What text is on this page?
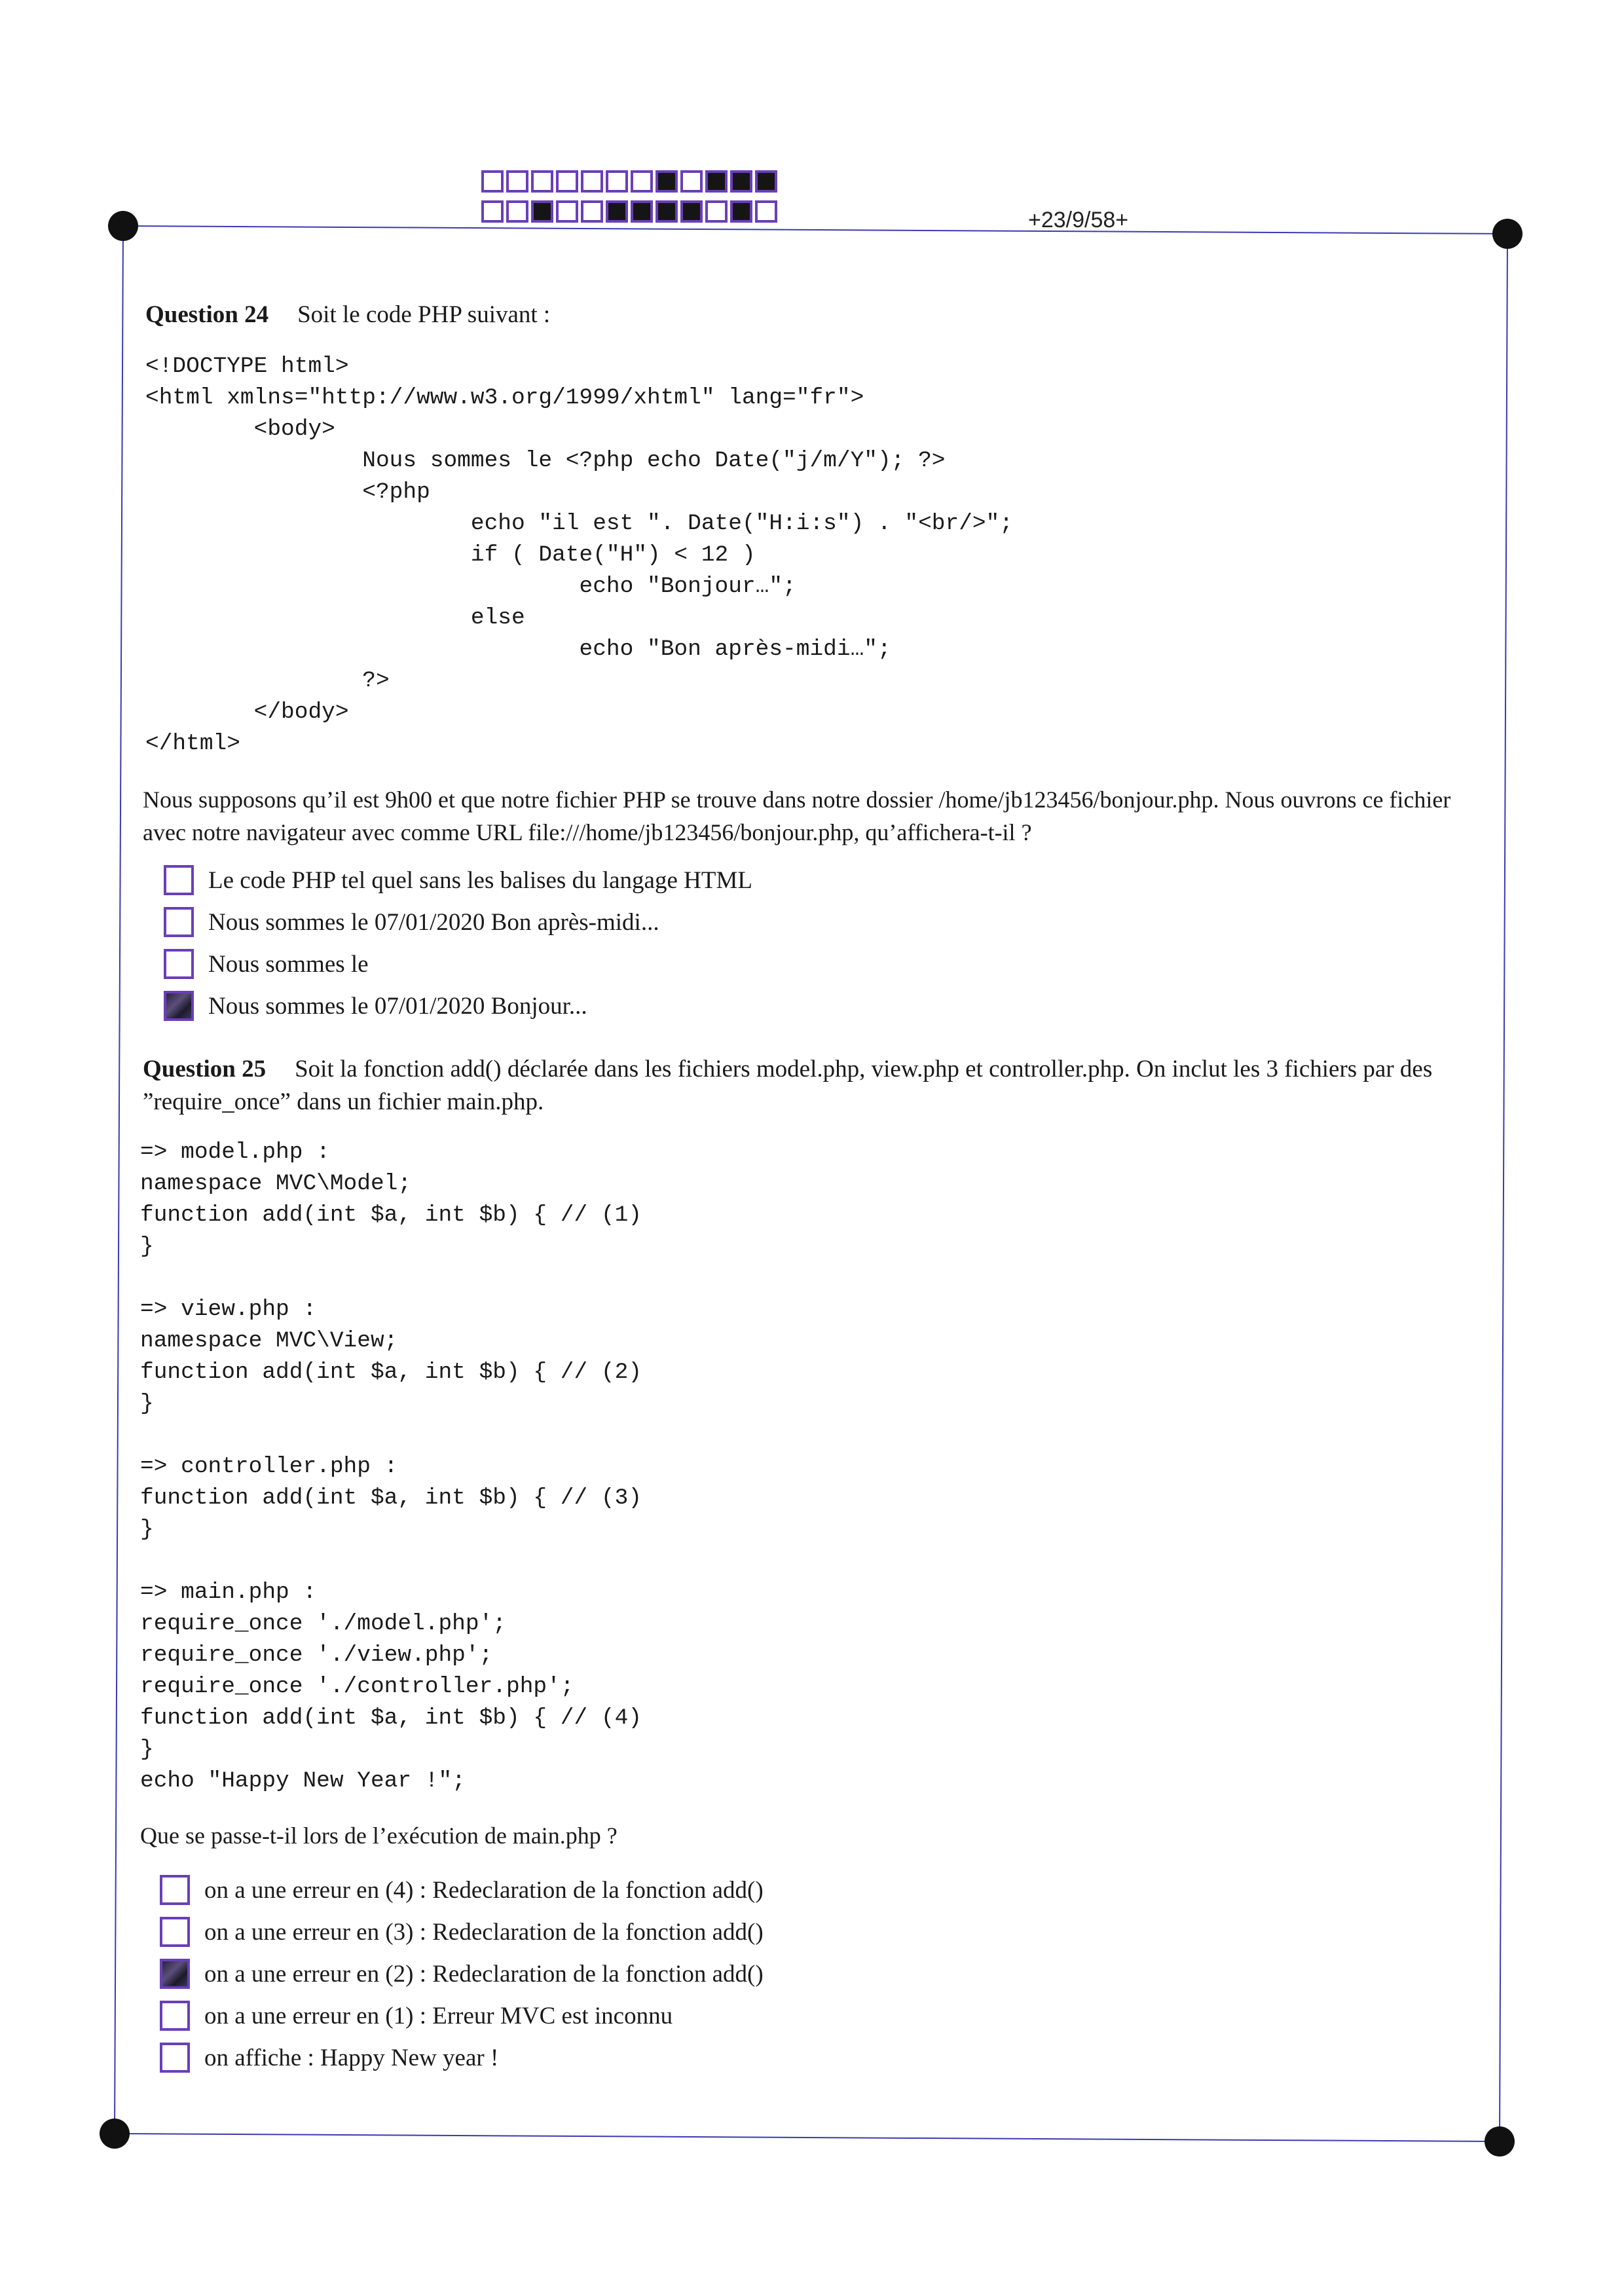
+23/9/58+
Question 24 Soit le code PHP suivant :
<!DOCTYPE html>
<html xmlns="http://www.w3.org/1999/xhtml" lang="fr">
<body>
Nous sommes le <?php echo Date("j/m/Y"); ?>
<?php
echo "il est ". Date("H:i:s") . "<br/>";
if ( Date("H") < 12 )
echo "Bonjour…";
else
echo "Bon après-midi…";
?>
</body>
</html>
Nous supposons qu’il est 9h00 et que notre fichier PHP se trouve dans notre dossier /home/jb123456/bonjour.php. Nous ouvrons ce fichier avec notre navigateur avec comme URL file:///home/jb123456/bonjour.php, qu’affichera-t-il ?
Le code PHP tel quel sans les balises du langage HTML
Nous sommes le 07/01/2020 Bon après-midi...
Nous sommes le
Nous sommes le 07/01/2020 Bonjour...
Question 25 Soit la fonction add() déclarée dans les fichiers model.php, view.php et controller.php. On inclut les 3 fichiers par des ”require_once” dans un fichier main.php.
=> model.php :
namespace MVC\Model;
function add(int $a, int $b) { // (1)
}

=> view.php :
namespace MVC\View;
function add(int $a, int $b) { // (2)
}

=> controller.php :
function add(int $a, int $b) { // (3)
}

=> main.php :
require_once './model.php';
require_once './view.php';
require_once './controller.php';
function add(int $a, int $b) { // (4)
}
echo "Happy New Year !";
Que se passe-t-il lors de l’exécution de main.php ?
on a une erreur en (4) : Redeclaration de la fonction add()
on a une erreur en (3) : Redeclaration de la fonction add()
on a une erreur en (2) : Redeclaration de la fonction add()
on a une erreur en (1) : Erreur MVC est inconnu
on affiche : Happy New year !
